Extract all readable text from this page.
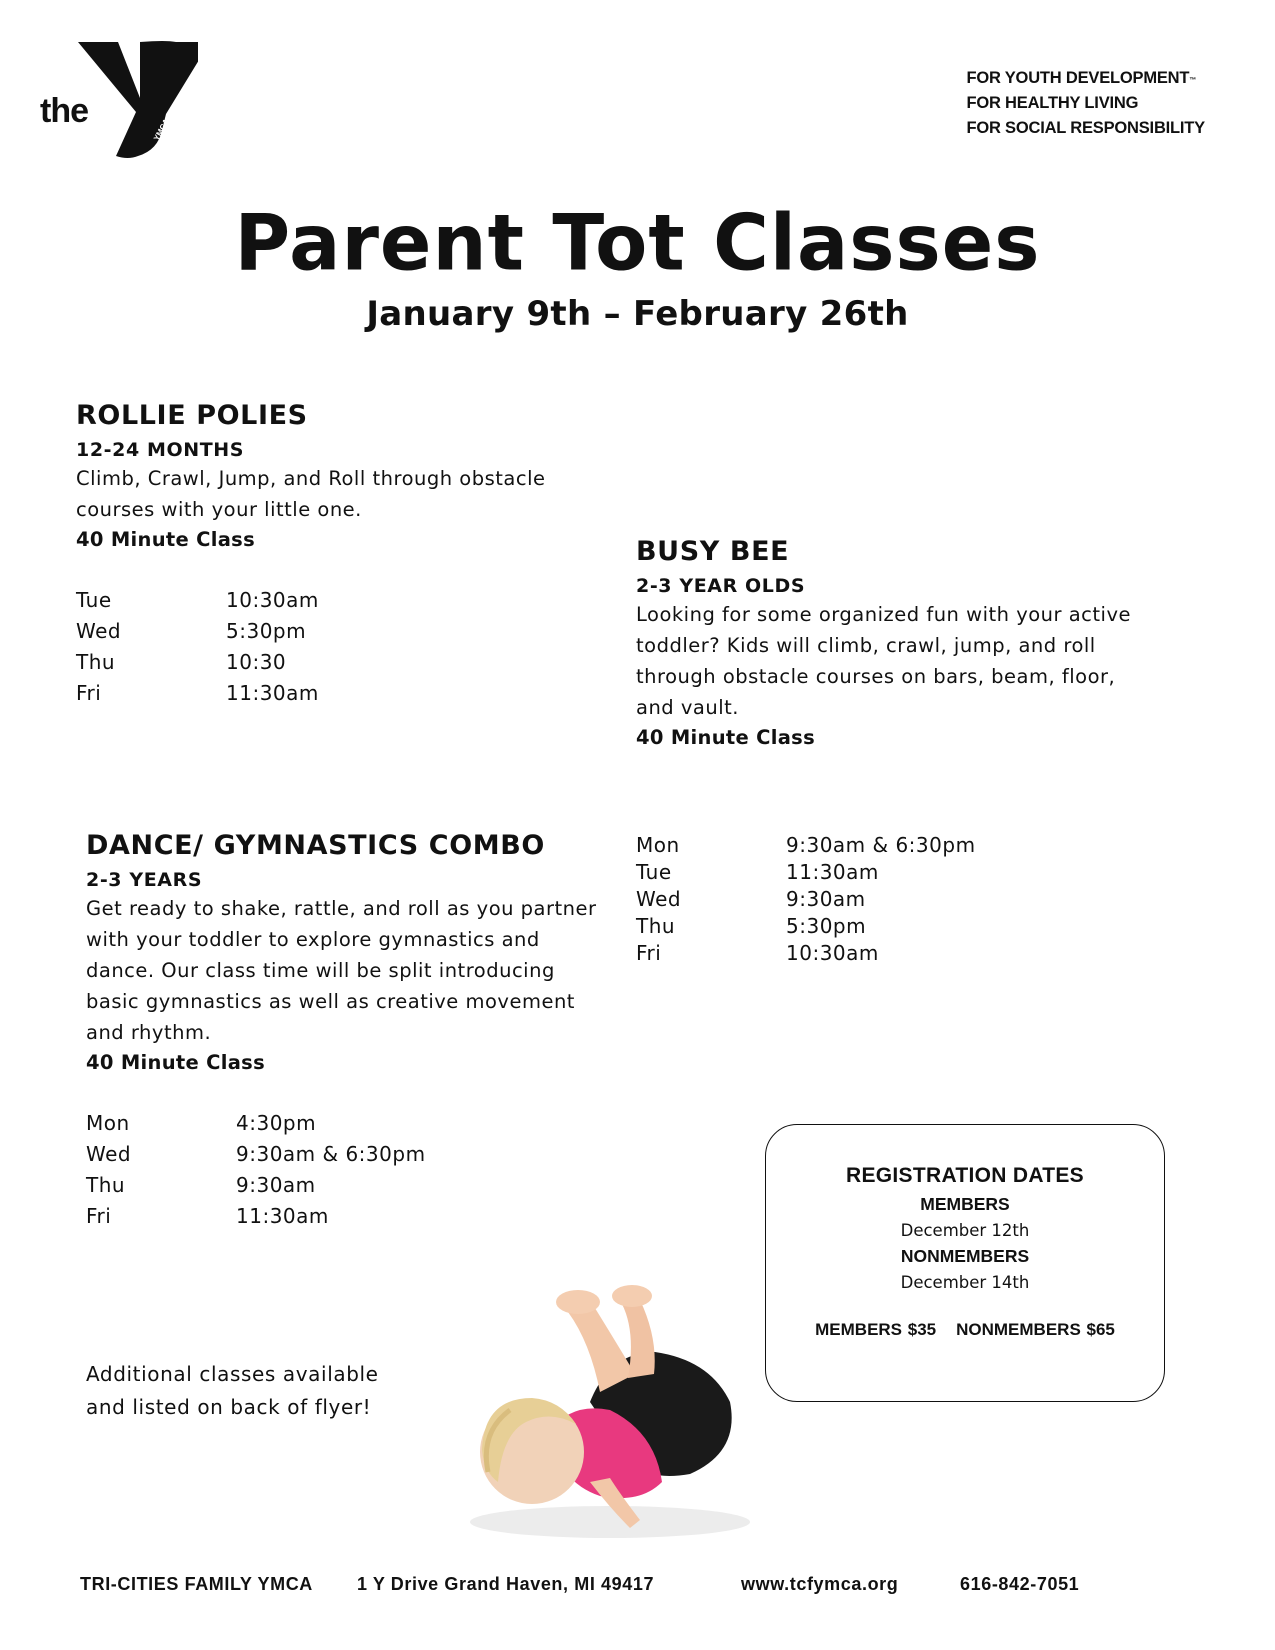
the
™
YMCA
FOR YOUTH DEVELOPMENT™
FOR HEALTHY LIVING
FOR SOCIAL RESPONSIBILITY
Parent Tot Classes
January 9th – February 26th
ROLLIE POLIES
12-24 MONTHS
Climb, Crawl, Jump, and Roll through obstacle
courses with your little one.
40 Minute Class
Tue	10:30am
Wed	5:30pm
Thu	10:30
Fri	11:30am
BUSY BEE
2-3 YEAR OLDS
Looking for some organized fun with your active
toddler? Kids will climb, crawl, jump, and roll
through obstacle courses on bars, beam, floor,
and vault.
40 Minute Class
Mon	9:30am & 6:30pm
Tue	11:30am
Wed	9:30am
Thu	5:30pm
Fri	10:30am
DANCE/ GYMNASTICS COMBO
2-3 YEARS
Get ready to shake, rattle, and roll as you partner
with your toddler to explore gymnastics and
dance. Our class time will be split introducing
basic gymnastics as well as creative movement
and rhythm.
40 Minute Class
Mon	4:30pm
Wed	9:30am & 6:30pm
Thu	9:30am
Fri	11:30am
Additional classes available
and listed on back of flyer!
REGISTRATION DATES
MEMBERS
December 12th
NONMEMBERS
December 14th
MEMBERS $35 NONMEMBERS $65
TRI-CITIES FAMILY YMCA 1 Y Drive Grand Haven, MI 49417	www.tcfymca.org	616-842-7051
